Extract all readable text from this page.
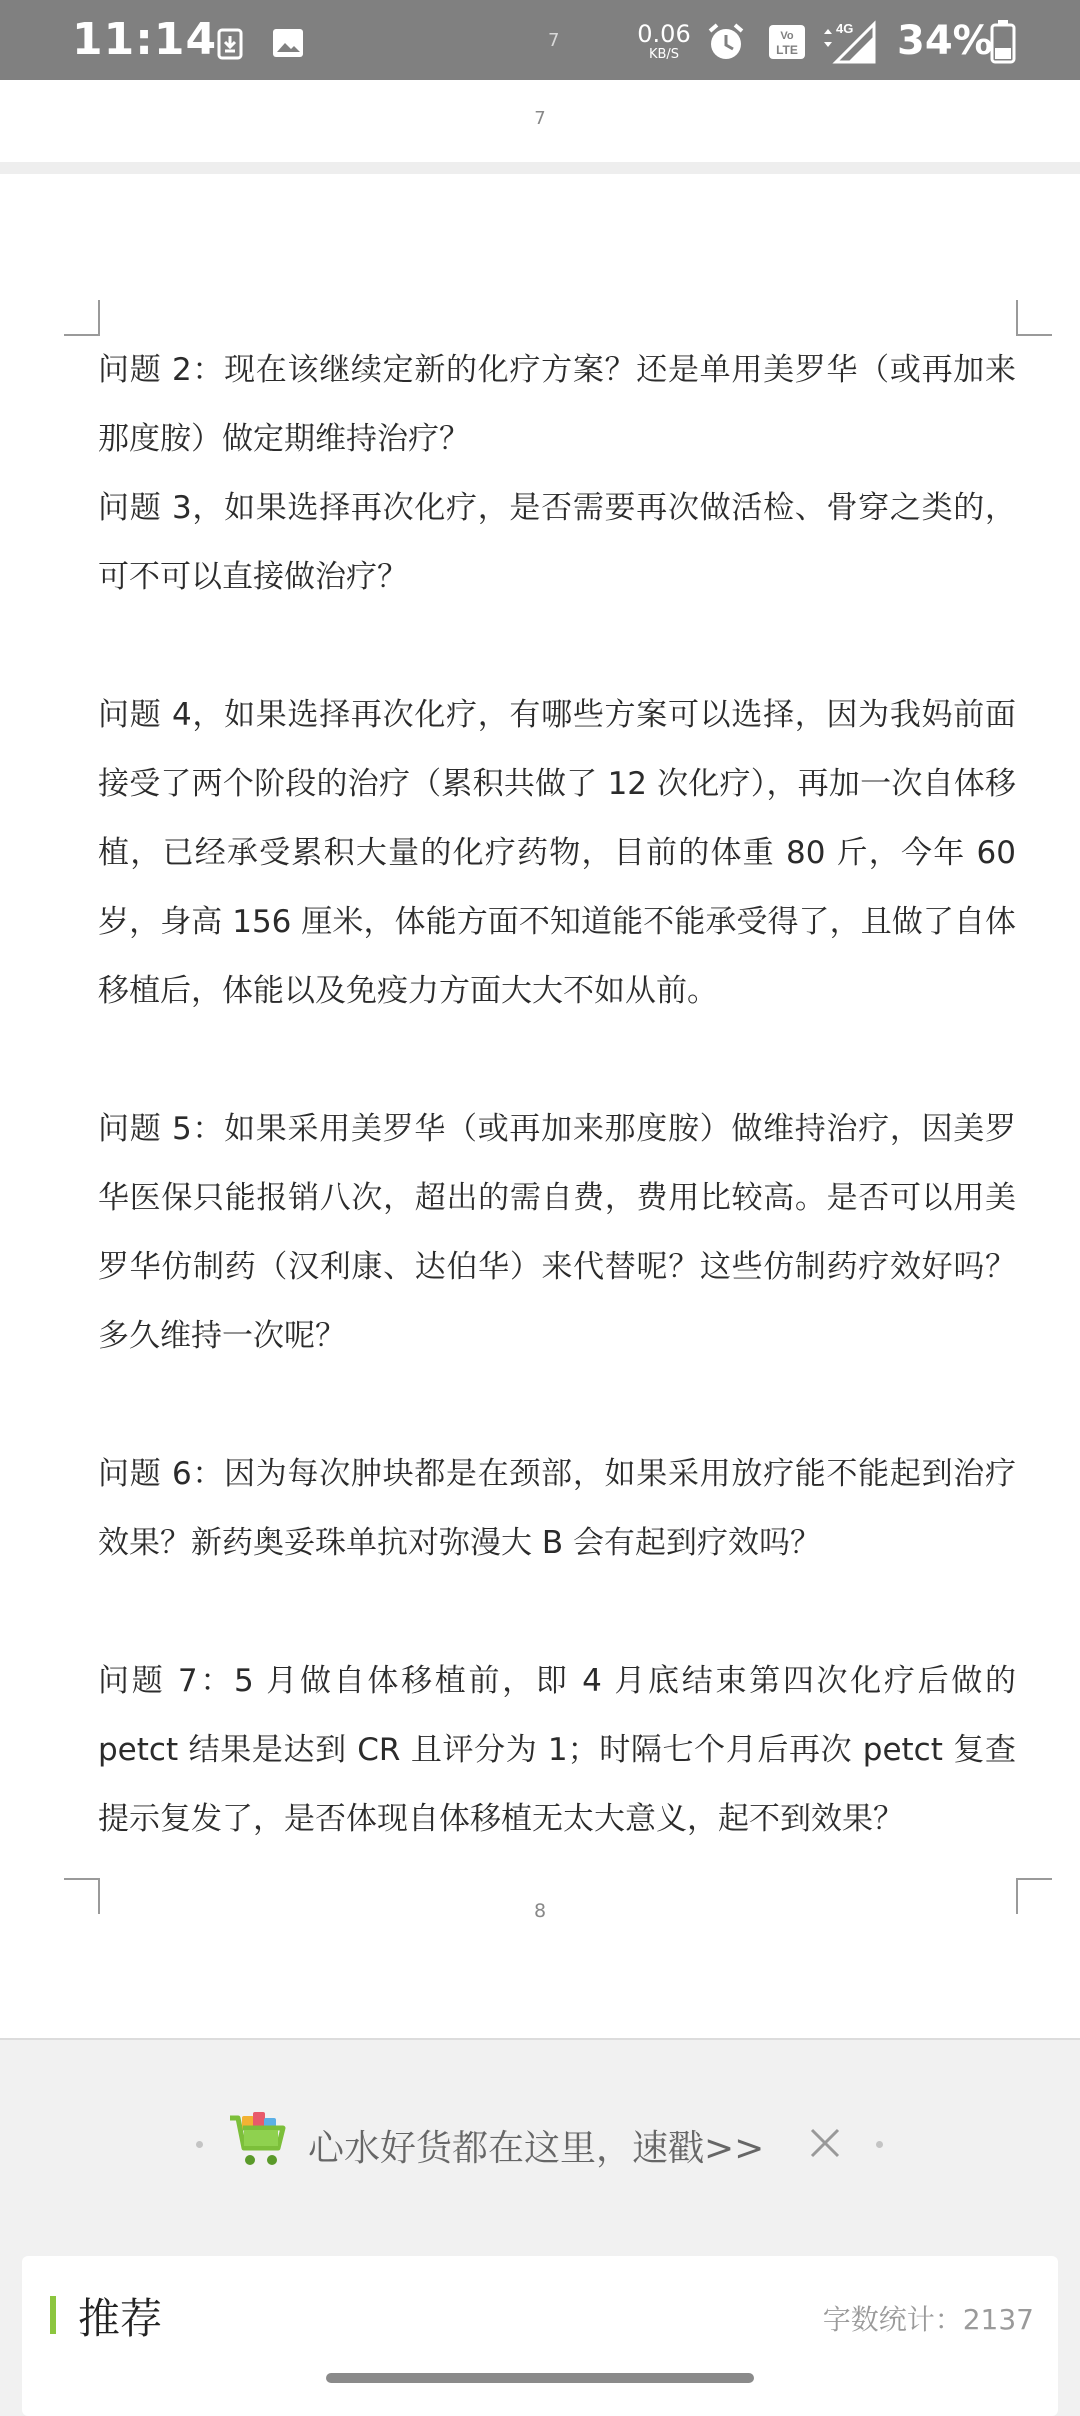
11:14	7	0.06
KB/S
Vo
LTE
4G 34%
7

问题 2：现在该继续定新的化疗方案？还是单用美罗华（或再加来那度胺）做定期维持治疗？

问题 3，如果选择再次化疗，是否需要再次做活检、骨穿之类的，可不可以直接做治疗？

问题 4，如果选择再次化疗，有哪些方案可以选择，因为我妈前面接受了两个阶段的治疗（累积共做了 12 次化疗），再加一次自体移植，已经承受累积大量的化疗药物，目前的体重 80 斤，今年 60 岁，身高 156 厘米，体能方面不知道能不能承受得了，且做了自体移植后，体能以及免疫力方面大大不如从前。

问题 5：如果采用美罗华（或再加来那度胺）做维持治疗，因美罗华医保只能报销八次，超出的需自费，费用比较高。是否可以用美罗华仿制药（汉利康、达伯华）来代替呢？这些仿制药疗效好吗？多久维持一次呢？

问题 6：因为每次肿块都是在颈部，如果采用放疗能不能起到治疗效果？新药奥妥珠单抗对弥漫大 B 会有起到疗效吗？

问题 7：5 月做自体移植前，即 4 月底结束第四次化疗后做的 petct 结果是达到 CR 且评分为 1；时隔七个月后再次 petct 复查提示复发了，是否体现自体移植无太大意义，起不到效果？

8
心水好货都在这里，速戳>>
推荐	字数统计：2137
